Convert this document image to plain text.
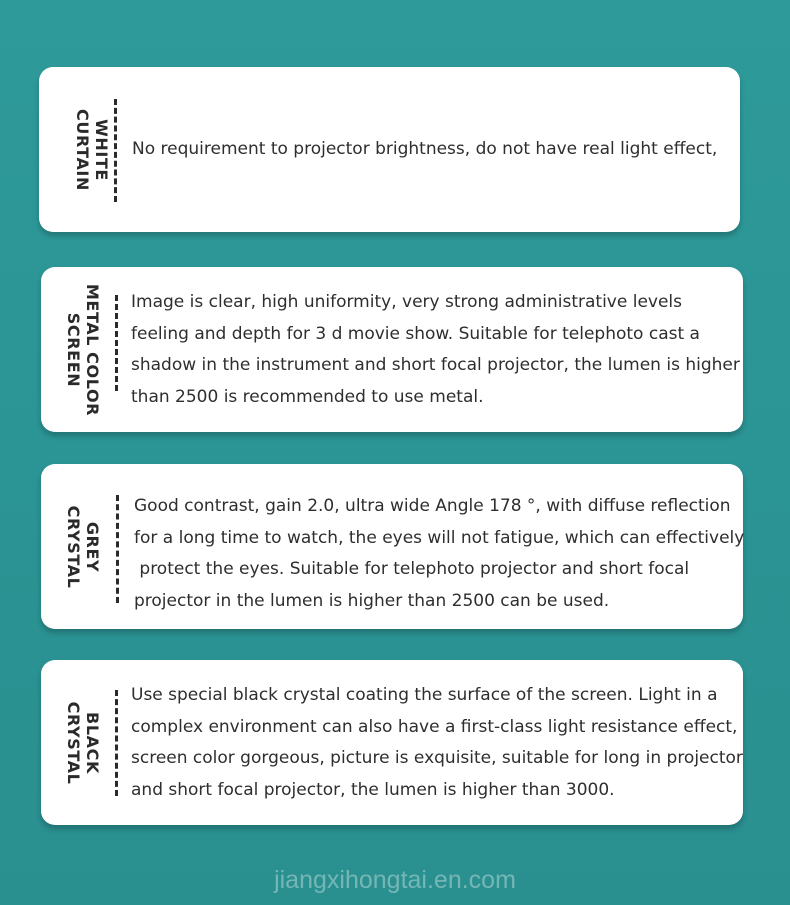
WHITE
CURTAIN No requirement to projector brightness, do not have real light effect,
METAL COLOR
SCREEN
Image is clear, high uniformity, very strong administrative levels
feeling and depth for 3 d movie show. Suitable for telephoto cast a
shadow in the instrument and short focal projector, the lumen is higher
than 2500 is recommended to use metal.
GREY
CRYSTAL	Good contrast, gain 2.0, ultra wide Angle 178 °, with diffuse reflection
for a long time to watch, the eyes will not fatigue, which can effectively
protect the eyes. Suitable for telephoto projector and short focal
projector in the lumen is higher than 2500 can be used.
BLACK
CRYSTAL
Use special black crystal coating the surface of the screen. Light in a
complex environment can also have a first-class light resistance effect,
screen color gorgeous, picture is exquisite, suitable for long in projector
and short focal projector, the lumen is higher than 3000.
jiangxihongtai.en.com
